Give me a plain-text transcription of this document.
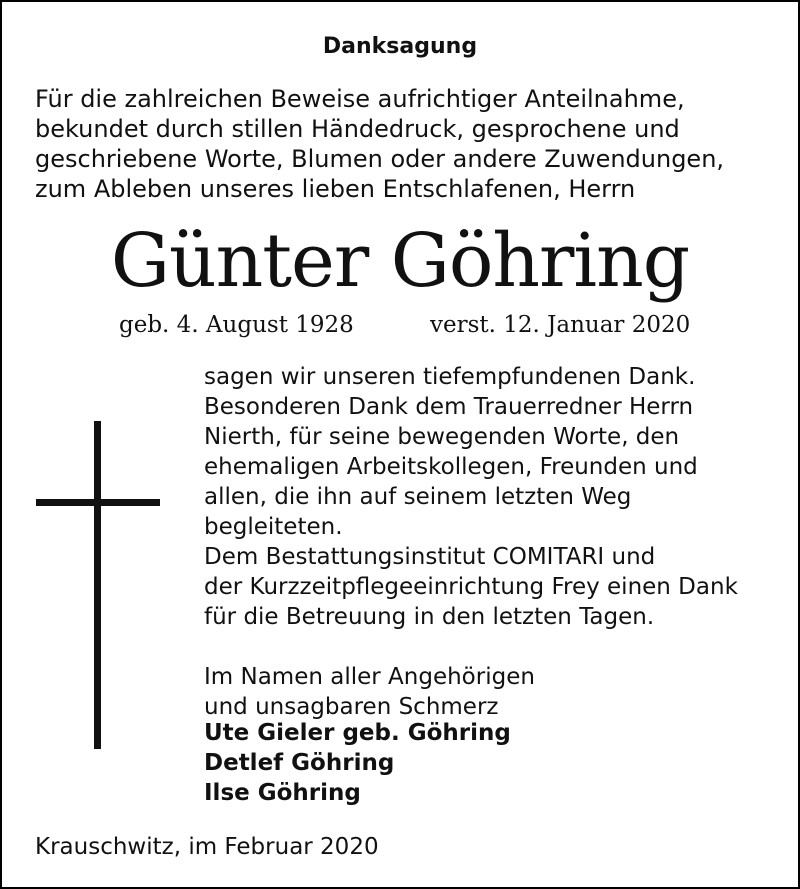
Danksagung
Für die zahlreichen Beweise aufrichtiger Anteilnahme,
bekundet durch stillen Händedruck, gesprochene und
geschriebene Worte, Blumen oder andere Zuwendungen,
zum Ableben unseres lieben Entschlafenen, Herrn
Günter Göhring
geb. 4. August 1928	verst. 12. Januar 2020
sagen wir unseren tiefempfundenen Dank.
Besonderen Dank dem Trauerredner Herrn
Nierth, für seine bewegenden Worte, den
ehemaligen Arbeitskollegen, Freunden und
allen, die ihn auf seinem letzten Weg
begleiteten.
Dem Bestattungsinstitut COMITARI und
der Kurzzeitpflegeeinrichtung Frey einen Dank
für die Betreuung in den letzten Tagen.
Im Namen aller Angehörigen
und unsagbaren Schmerz
Ute Gieler geb. Göhring
Detlef Göhring
Ilse Göhring
Krauschwitz, im Februar 2020
